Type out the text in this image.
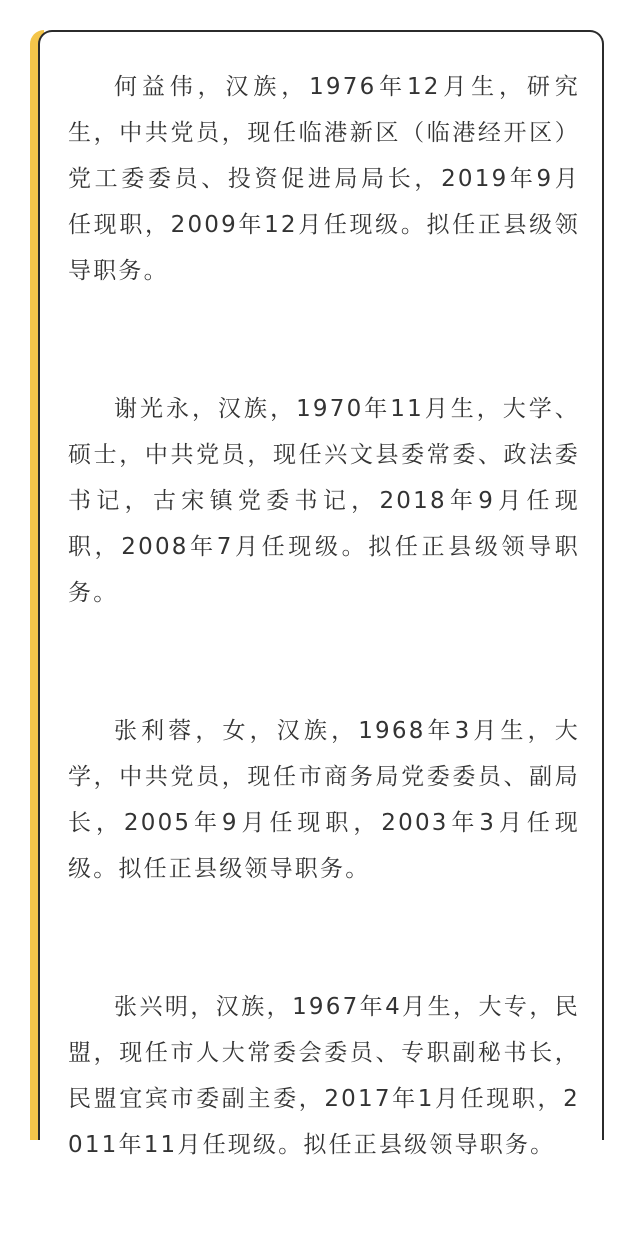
何益伟，汉族，1976年12月生，研究生，中共党员，现任临港新区（临港经开区）党工委委员、投资促进局局长，2019年9月任现职，2009年12月任现级。拟任正县级领导职务。

谢光永，汉族，1970年11月生，大学、硕士，中共党员，现任兴文县委常委、政法委书记，古宋镇党委书记，2018年9月任现职，2008年7月任现级。拟任正县级领导职务。

张利蓉，女，汉族，1968年3月生，大学，中共党员，现任市商务局党委委员、副局长，2005年9月任现职，2003年3月任现级。拟任正县级领导职务。

张兴明，汉族，1967年4月生，大专，民盟，现任市人大常委会委员、专职副秘书长，民盟宜宾市委副主委，2017年1月任现职，2011年11月任现级。拟任正县级领导职务。
